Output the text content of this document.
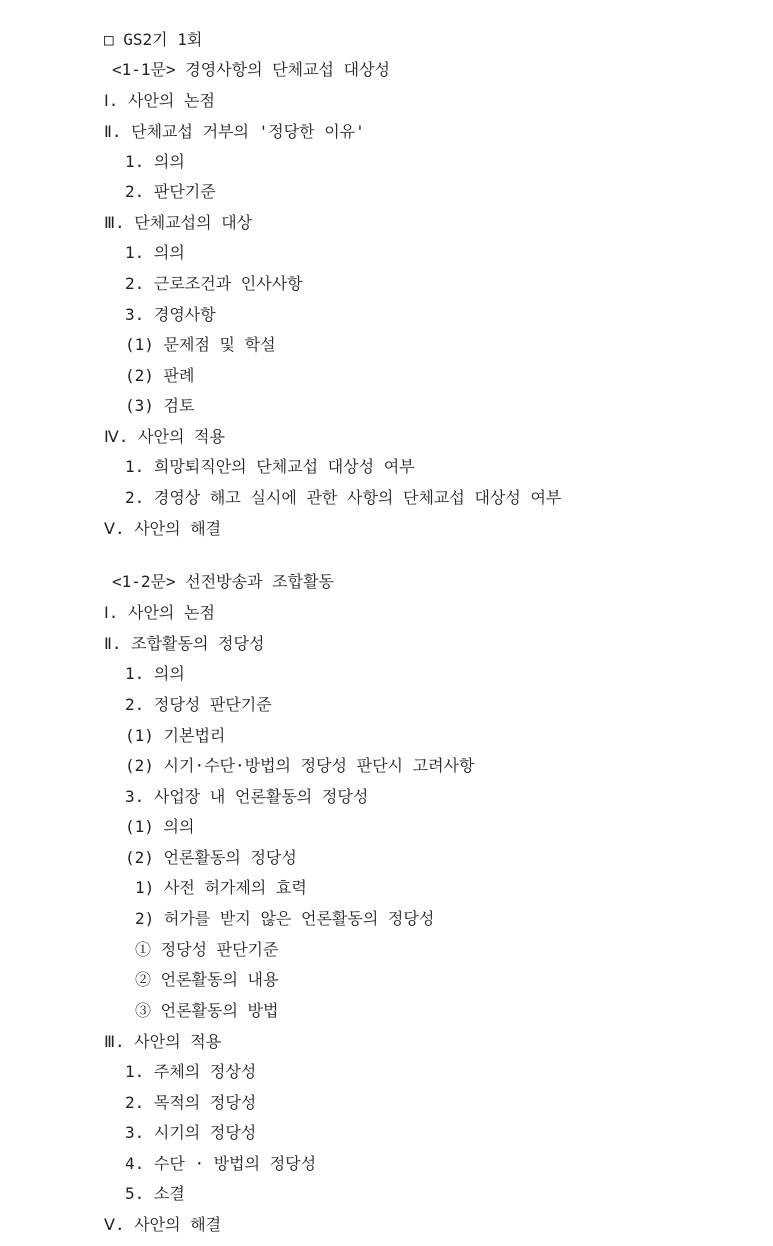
□ GS2기 1회
<1-1문> 경영사항의 단체교섭 대상성
Ⅰ. 사안의 논점
Ⅱ. 단체교섭 거부의 '정당한 이유'
1. 의의
2. 판단기준
Ⅲ. 단체교섭의 대상
1. 의의
2. 근로조건과 인사사항
3. 경영사항
(1) 문제점 및 학설
(2) 판례
(3) 검토
Ⅳ. 사안의 적용
1. 희망퇴직안의 단체교섭 대상성 여부
2. 경영상 해고 실시에 관한 사항의 단체교섭 대상성 여부
Ⅴ. 사안의 해결
<1-2문> 선전방송과 조합활동
Ⅰ. 사안의 논점
Ⅱ. 조합활동의 정당성
1. 의의
2. 정당성 판단기준
(1) 기본법리
(2) 시기·수단·방법의 정당성 판단시 고려사항
3. 사업장 내 언론활동의 정당성
(1) 의의
(2) 언론활동의 정당성
1) 사전 허가제의 효력
2) 허가를 받지 않은 언론활동의 정당성
① 정당성 판단기준
② 언론활동의 내용
③ 언론활동의 방법
Ⅲ. 사안의 적용
1. 주체의 정상성
2. 목적의 정당성
3. 시기의 정당성
4. 수단 · 방법의 정당성
5. 소결
Ⅴ. 사안의 해결
